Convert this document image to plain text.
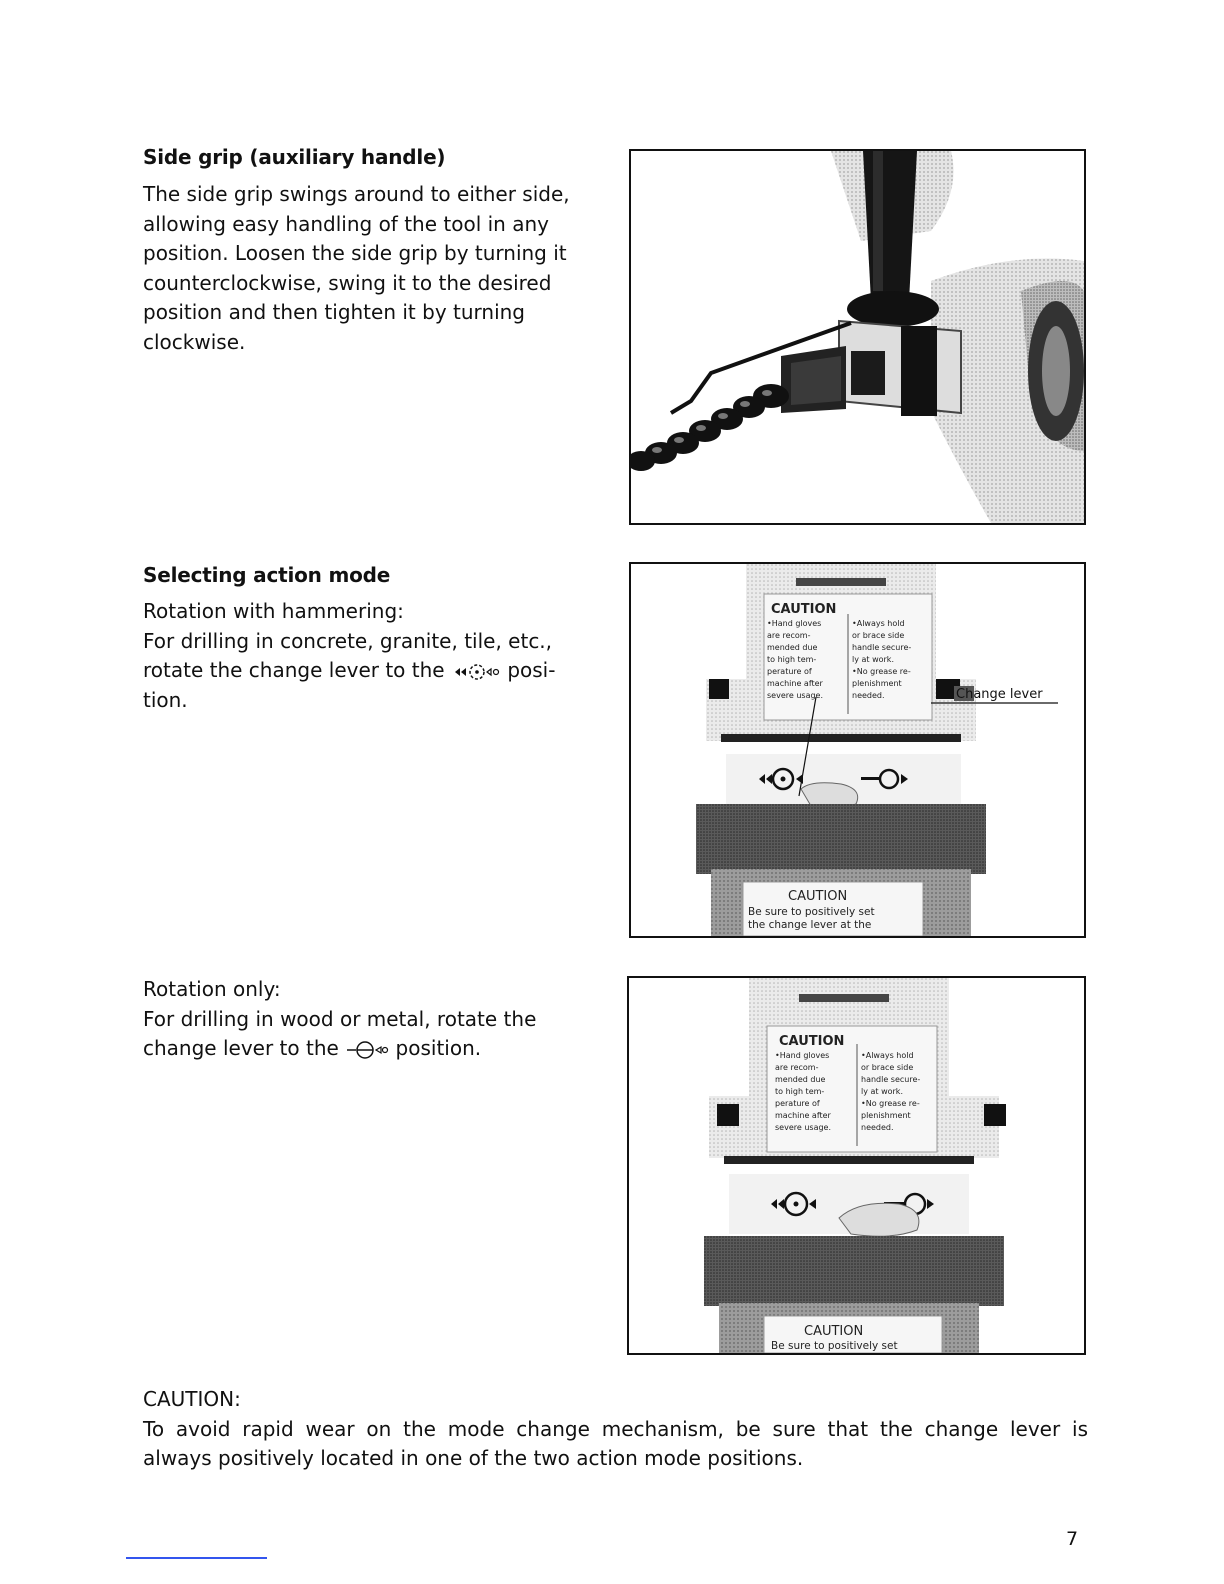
Side grip (auxiliary handle)
The side grip swings around to either side,
allowing easy handling of the tool in any
position. Loosen the side grip by turning it
counterclockwise, swing it to the desired
position and then tighten it by turning
clockwise.
Selecting action mode
Rotation with hammering:
For drilling in concrete, granite, tile, etc.,
rotate the change lever to the	posi-
tion.
CAUTION
•Hand gloves
are recom-
mended due
to high tem-
perature of
machine after
severe usage.
•Always hold
or brace side
handle secure-
ly at work.
•No grease re-
plenishment
needed.
CAUTION
Be sure to positively set
the change lever at the
Change lever
Rotation only:
For drilling in wood or metal, rotate the
change lever to the	position.	CAUTION
•Hand gloves
are recom-
mended due
to high tem-
perature of
machine after
severe usage.
•Always hold
or brace side
handle secure-
ly at work.
•No grease re-
plenishment
needed.
CAUTION
Be sure to positively set
CAUTION:
To avoid rapid wear on the mode change mechanism, be sure that the change lever is
always positively located in one of the two action mode positions.
7
